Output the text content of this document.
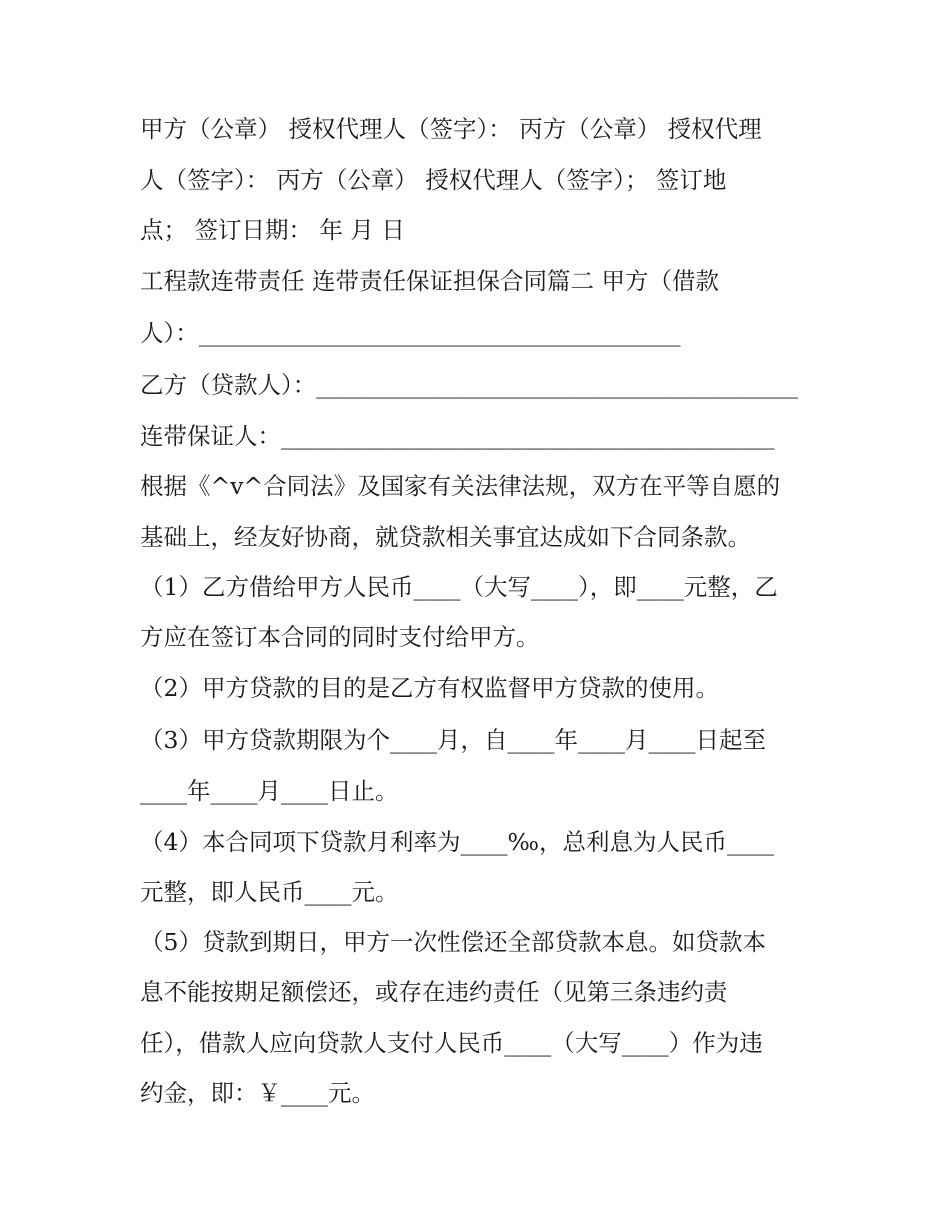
甲方（公章） 授权代理人（签字）： 丙方（公章） 授权代理
人（签字）： 丙方（公章） 授权代理人（签字）； 签订地
点； 签订日期： 年 月 日
工程款连带责任 连带责任保证担保合同篇二 甲方（借款
人）：_________________________________________
乙方（贷款人）：_________________________________________
连带保证人：__________________________________________
根据《^v^合同法》及国家有关法律法规，双方在平等自愿的
基础上，经友好协商，就贷款相关事宜达成如下合同条款。
（1）乙方借给甲方人民币____（大写____），即____元整，乙
方应在签订本合同的同时支付给甲方。
（2）甲方贷款的目的是乙方有权监督甲方贷款的使用。
（3）甲方贷款期限为个____月，自____年____月____日起至
____年____月____日止。
（4）本合同项下贷款月利率为____‰，总利息为人民币____
元整，即人民币____元。
（5）贷款到期日，甲方一次性偿还全部贷款本息。如贷款本
息不能按期足额偿还，或存在违约责任（见第三条违约责
任），借款人应向贷款人支付人民币____（大写____）作为违
约金，即：￥____元。
